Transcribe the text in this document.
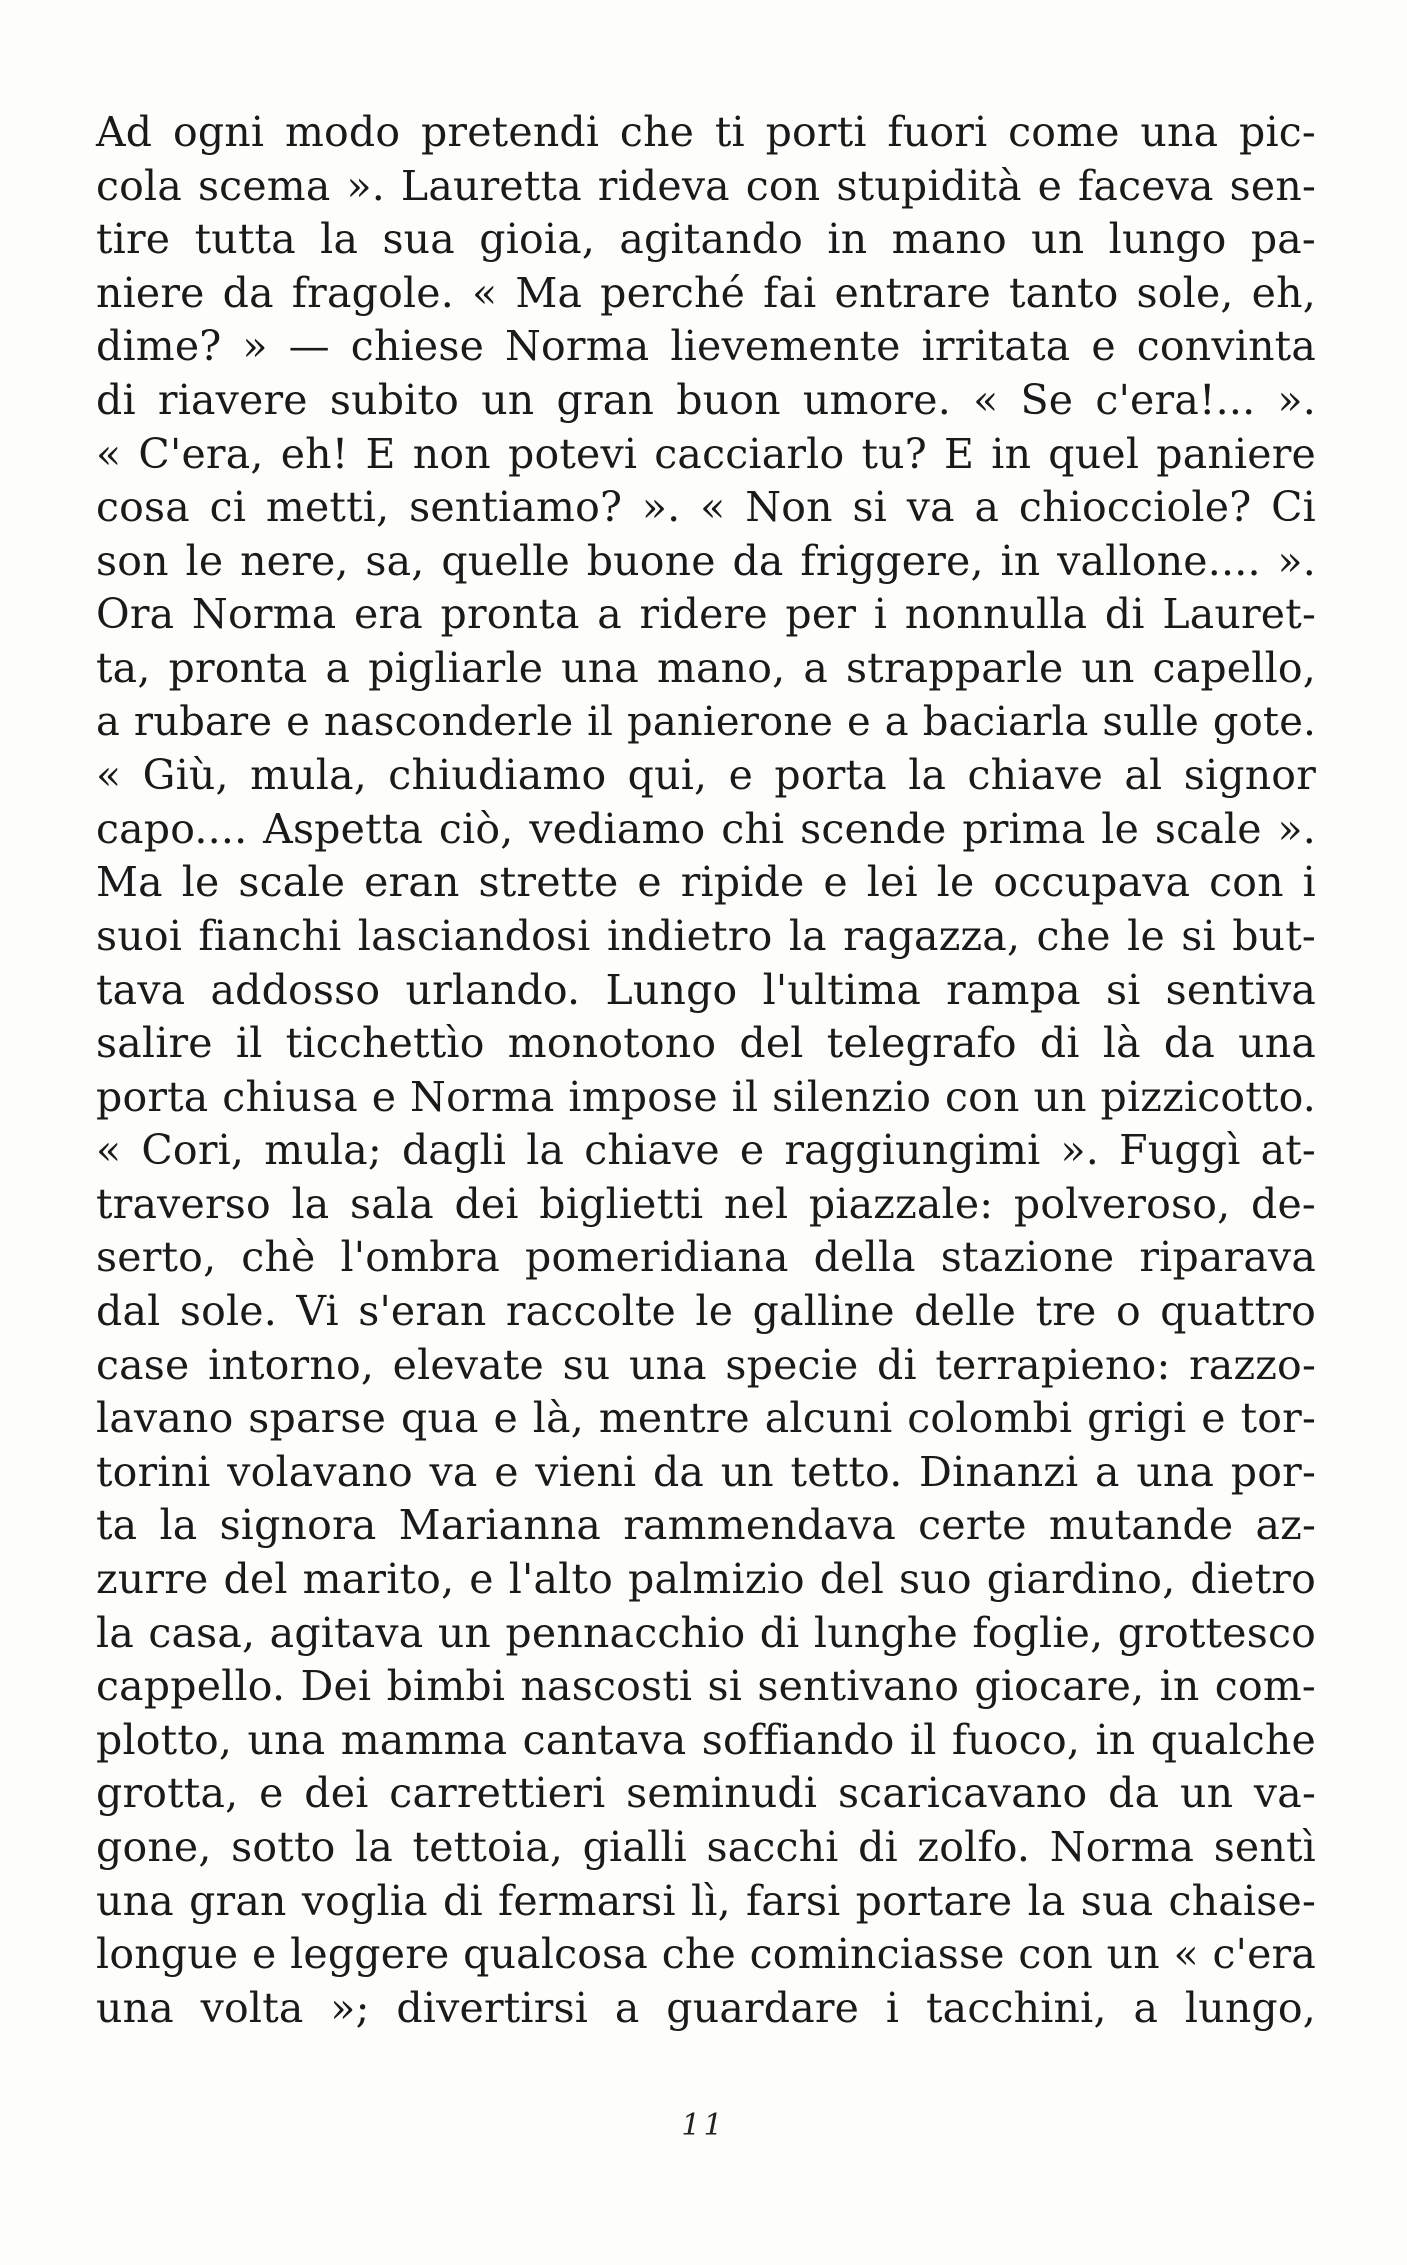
Ad ogni modo pretendi che ti porti fuori come una pic-
cola scema ». Lauretta rideva con stupidità e faceva sen-
tire tutta la sua gioia, agitando in mano un lungo pa-
niere da fragole. « Ma perché fai entrare tanto sole, eh,
dime? » — chiese Norma lievemente irritata e convinta
di riavere subito un gran buon umore. « Se c'era!... ».
« C'era, eh! E non potevi cacciarlo tu? E in quel paniere
cosa ci metti, sentiamo? ». « Non si va a chiocciole? Ci
son le nere, sa, quelle buone da friggere, in vallone.... ».
Ora Norma era pronta a ridere per i nonnulla di Lauret-
ta, pronta a pigliarle una mano, a strapparle un capello,
a rubare e nasconderle il panierone e a baciarla sulle gote.
« Giù, mula, chiudiamo qui, e porta la chiave al signor
capo.... Aspetta ciò, vediamo chi scende prima le scale ».
Ma le scale eran strette e ripide e lei le occupava con i
suoi fianchi lasciandosi indietro la ragazza, che le si but-
tava addosso urlando. Lungo l'ultima rampa si sentiva
salire il ticchettìo monotono del telegrafo di là da una
porta chiusa e Norma impose il silenzio con un pizzicotto.
« Cori, mula; dagli la chiave e raggiungimi ». Fuggì at-
traverso la sala dei biglietti nel piazzale: polveroso, de-
serto, chè l'ombra pomeridiana della stazione riparava
dal sole. Vi s'eran raccolte le galline delle tre o quattro
case intorno, elevate su una specie di terrapieno: razzo-
lavano sparse qua e là, mentre alcuni colombi grigi e tor-
torini volavano va e vieni da un tetto. Dinanzi a una por-
ta la signora Marianna rammendava certe mutande az-
zurre del marito, e l'alto palmizio del suo giardino, dietro
la casa, agitava un pennacchio di lunghe foglie, grottesco
cappello. Dei bimbi nascosti si sentivano giocare, in com-
plotto, una mamma cantava soffiando il fuoco, in qualche
grotta, e dei carrettieri seminudi scaricavano da un va-
gone, sotto la tettoia, gialli sacchi di zolfo. Norma sentì
una gran voglia di fermarsi lì, farsi portare la sua chaise-
longue e leggere qualcosa che cominciasse con un « c'era
una volta »; divertirsi a guardare i tacchini, a lungo,
11
